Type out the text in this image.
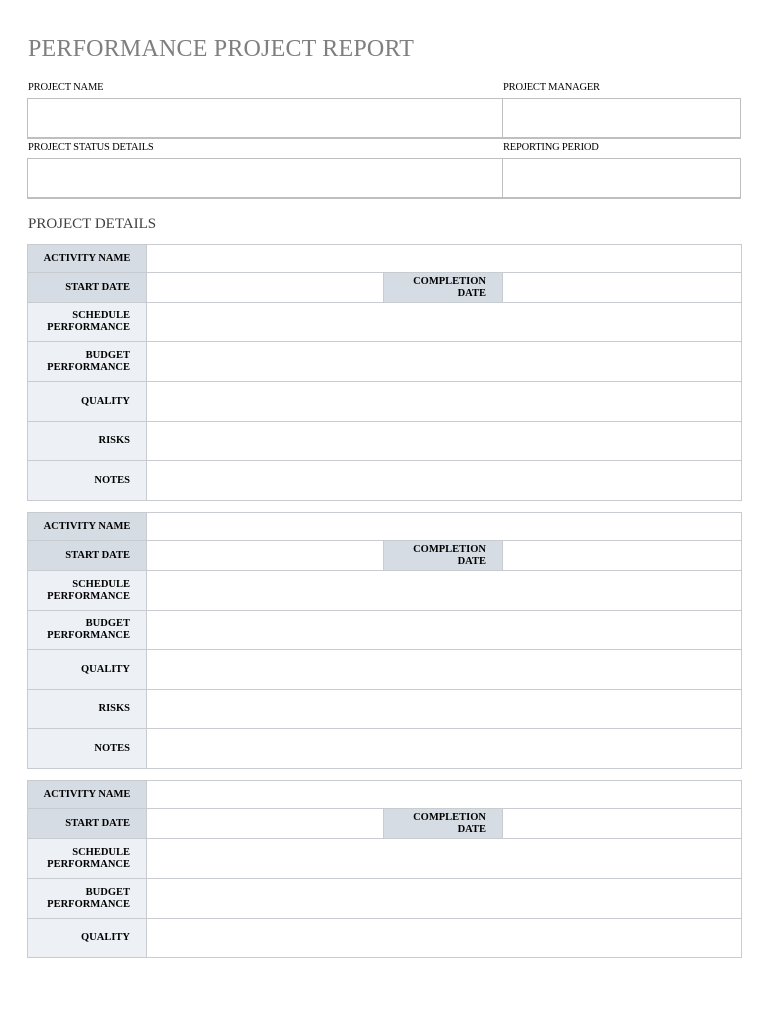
PERFORMANCE PROJECT REPORT
PROJECT NAME	PROJECT MANAGER
PROJECT STATUS DETAILS	REPORTING PERIOD
PROJECT DETAILS
ACTIVITY NAME			
START DATE		COMPLETION DATE	
SCHEDULE PERFORMANCE			
BUDGET PERFORMANCE			
QUALITY			
RISKS			
NOTES			
ACTIVITY NAME			
START DATE		COMPLETION DATE	
SCHEDULE PERFORMANCE			
BUDGET PERFORMANCE			
QUALITY			
RISKS			
NOTES			
ACTIVITY NAME			
START DATE		COMPLETION DATE	
SCHEDULE PERFORMANCE			
BUDGET PERFORMANCE			
QUALITY			
